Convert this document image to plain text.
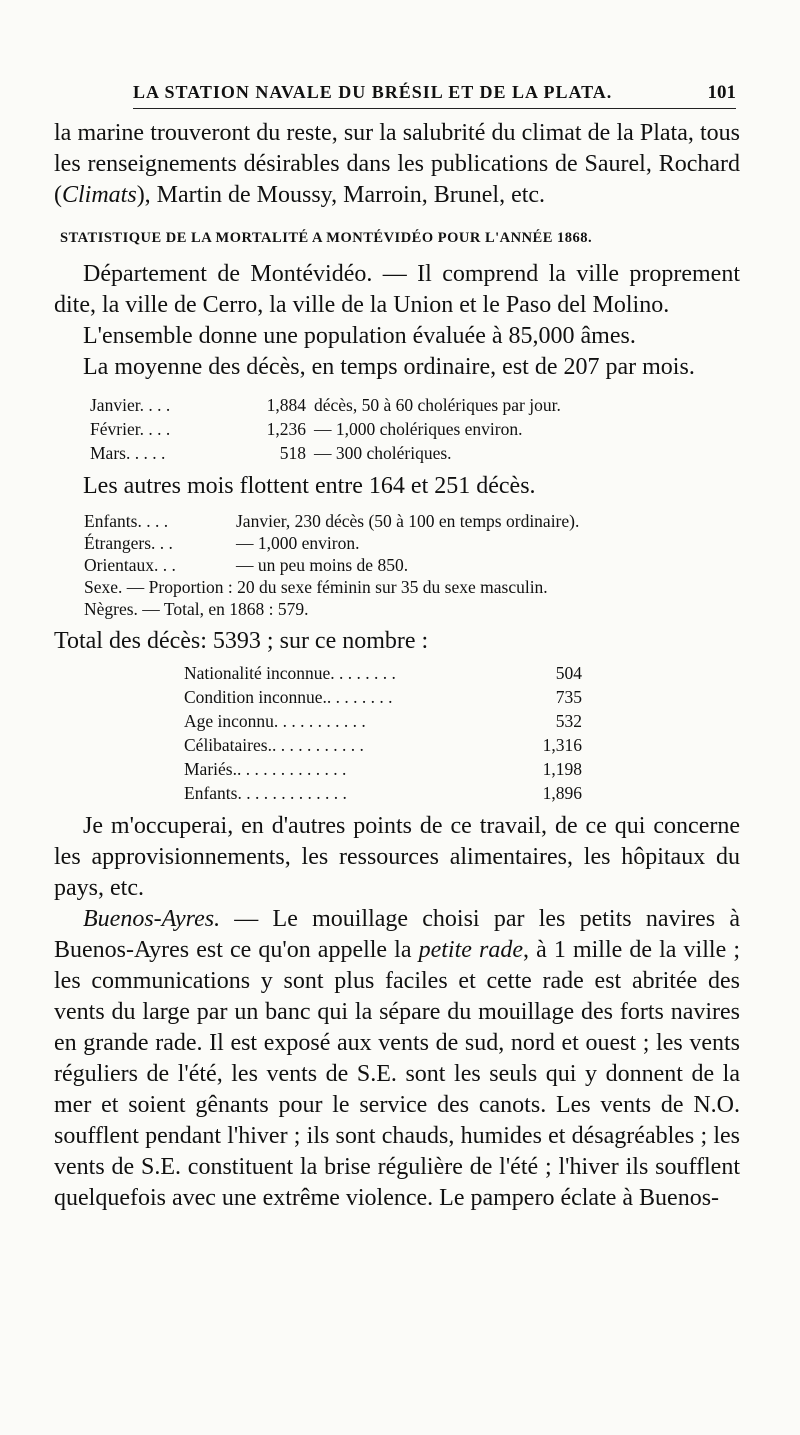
LA STATION NAVALE DU BRÉSIL ET DE LA PLATA.	101

la marine trouveront du reste, sur la salubrité du climat de la Plata, tous les renseignements désirables dans les publications de Saurel, Rochard (Climats), Martin de Moussy, Marroin, Brunel, etc.

STATISTIQUE DE LA MORTALITÉ A MONTÉVIDÉO POUR L'ANNÉE 1868.

Département de Montévidéo. — Il comprend la ville proprement dite, la ville de Cerro, la ville de la Union et le Paso del Molino.

L'ensemble donne une population évaluée à 85,000 âmes.

La moyenne des décès, en temps ordinaire, est de 207 par mois.

Janvier. . . .	1,884 décès, 50 à 60 cholériques par jour.
Février. . . .	1,236 — 1,000 cholériques environ.
Mars. . . . .	518 — 300 cholériques.

Les autres mois flottent entre 164 et 251 décès.

Enfants. . . .	Janvier, 230 décès (50 à 100 en temps ordinaire).
Étrangers. . .	— 1,000 environ.
Orientaux. . .	— un peu moins de 850.
Sexe. — Proportion : 20 du sexe féminin sur 35 du sexe masculin.
Nègres. — Total, en 1868 : 579.

Total des décès: 5393 ; sur ce nombre :

Nationalité inconnue. . . . . . . .	504
Condition inconnue.. . . . . . . .	735
Age inconnu. . . . . . . . . . .	532
Célibataires.. . . . . . . . . . .	1,316
Mariés.. . . . . . . . . . . . .	1,198
Enfants. . . . . . . . . . . . .	1,896

Je m'occuperai, en d'autres points de ce travail, de ce qui concerne les approvisionnements, les ressources alimentaires, les hôpitaux du pays, etc.

Buenos-Ayres. — Le mouillage choisi par les petits navires à Buenos-Ayres est ce qu'on appelle la petite rade, à 1 mille de la ville ; les communications y sont plus faciles et cette rade est abritée des vents du large par un banc qui la sépare du mouillage des forts navires en grande rade. Il est exposé aux vents de sud, nord et ouest ; les vents réguliers de l'été, les vents de S.E. sont les seuls qui y donnent de la mer et soient gênants pour le service des canots. Les vents de N.O. soufflent pendant l'hiver ; ils sont chauds, humides et désagréables ; les vents de S.E. constituent la brise régulière de l'été ; l'hiver ils soufflent quelquefois avec une extrême violence. Le pampero éclate à Buenos-
